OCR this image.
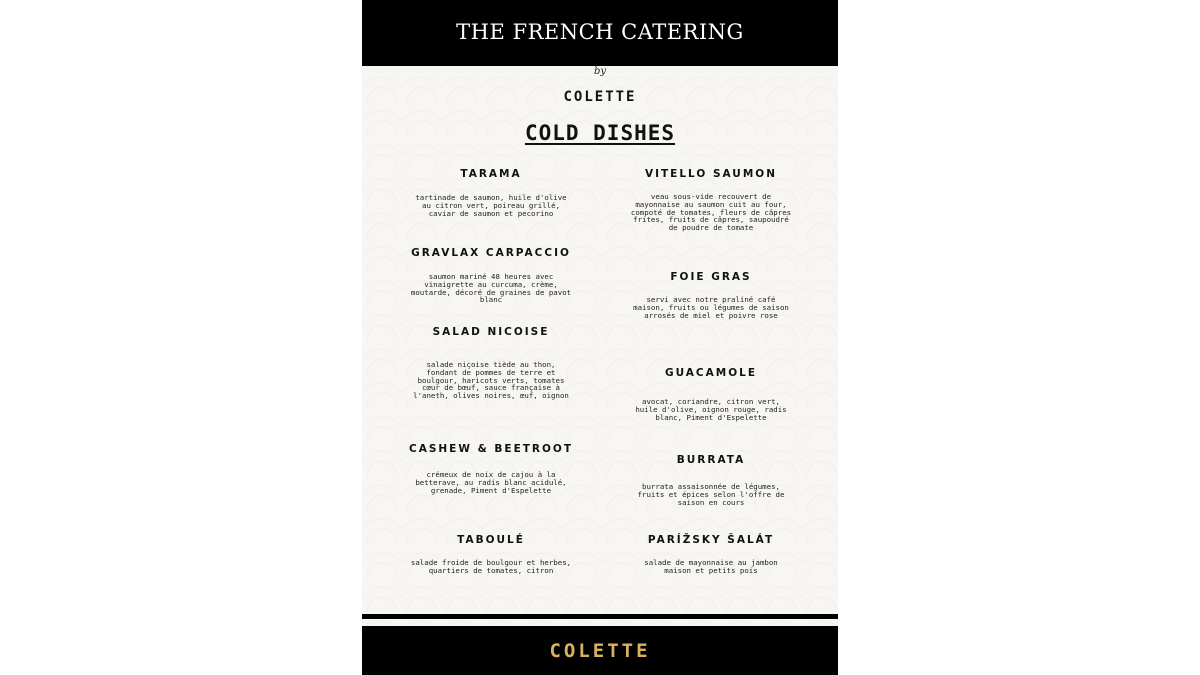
THE FRENCH CATERING
by
COLETTE
COLD DISHES
TARAMA
tartinade de saumon, huile d'olive au citron vert, poireau grillé, caviar de saumon et pecorino
GRAVLAX CARPACCIO
saumon mariné 48 heures avec vinaigrette au curcuma, crème, moutarde, décoré de graines de pavot blanc
SALAD NICOISE
salade niçoise tiède au thon, fondant de pommes de terre et boulgour, haricots verts, tomates cœur de bœuf, sauce française à l'aneth, olives noires, œuf, oignon
CASHEW & BEETROOT
crémeux de noix de cajou à la betterave, au radis blanc acidulé, grenade, Piment d'Espelette
TABOULÉ
salade froide de boulgour et herbes, quartiers de tomates, citron
VITELLO SAUMON
veau sous-vide recouvert de mayonnaise au saumon cuit au four, compoté de tomates, fleurs de câpres frites, fruits de câpres, saupoudré de poudre de tomate
FOIE GRAS
servi avec notre praliné café maison, fruits ou légumes de saison arrosés de miel et poivre rose
GUACAMOLE
avocat, coriandre, citron vert, huile d'olive, oignon rouge, radis blanc, Piment d'Espelette
BURRATA
burrata assaisonnée de légumes, fruits et épices selon l'offre de saison en cours
PARÍŽSKY ŠALÁT
salade de mayonnaise au jambon maison et petits pois
COLETTE
